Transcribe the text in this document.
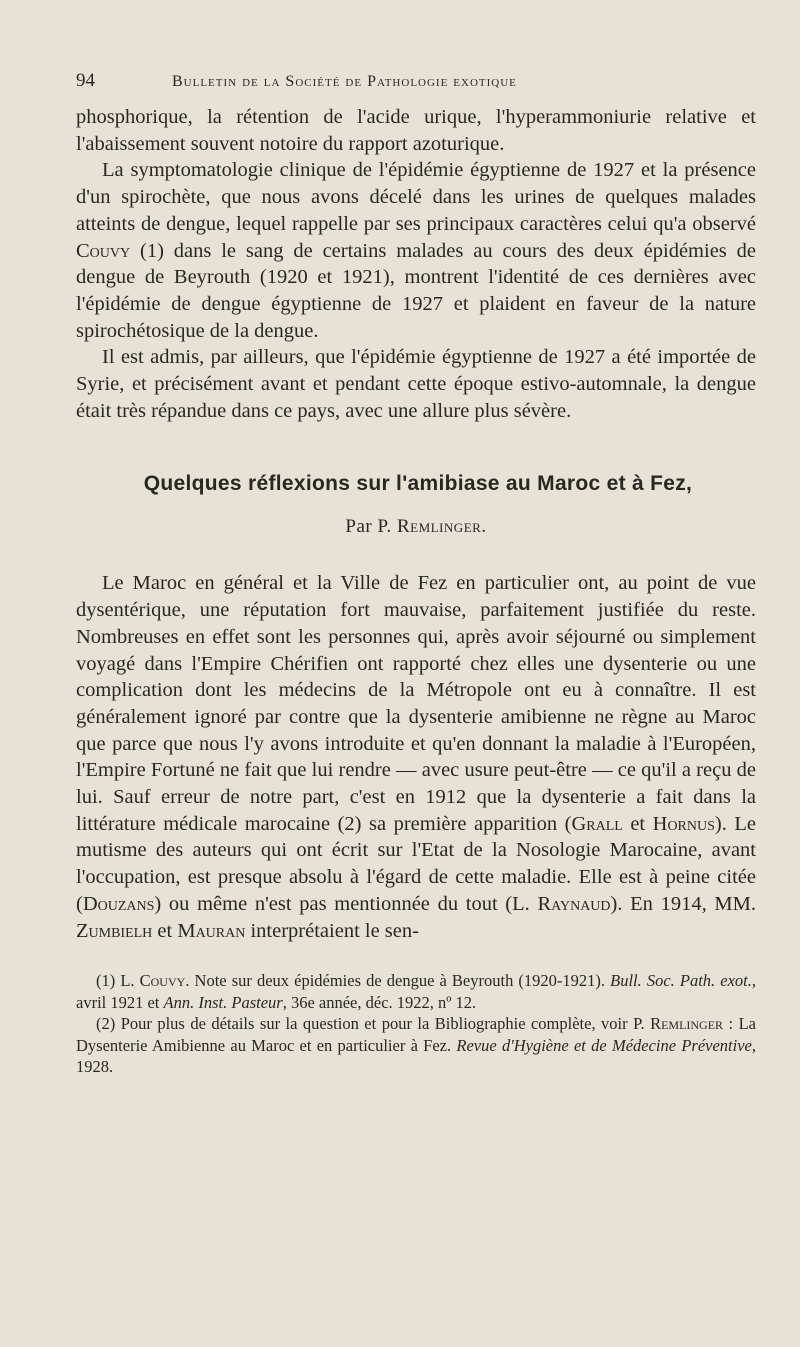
94	Bulletin de la Société de Pathologie exotique

phosphorique, la rétention de l'acide urique, l'hyperammoniurie relative et l'abaissement souvent notoire du rapport azoturique.

La symptomatologie clinique de l'épidémie égyptienne de 1927 et la présence d'un spirochète, que nous avons décelé dans les urines de quelques malades atteints de dengue, lequel rappelle par ses principaux caractères celui qu'a observé Couvy (1) dans le sang de certains malades au cours des deux épidémies de dengue de Beyrouth (1920 et 1921), montrent l'identité de ces dernières avec l'épidémie de dengue égyptienne de 1927 et plaident en faveur de la nature spirochétosique de la dengue.

Il est admis, par ailleurs, que l'épidémie égyptienne de 1927 a été importée de Syrie, et précisément avant et pendant cette époque estivo-automnale, la dengue était très répandue dans ce pays, avec une allure plus sévère.

Quelques réflexions sur l'amibiase au Maroc et à Fez,

Par P. Remlinger.

Le Maroc en général et la Ville de Fez en particulier ont, au point de vue dysentérique, une réputation fort mauvaise, parfaitement justifiée du reste. Nombreuses en effet sont les personnes qui, après avoir séjourné ou simplement voyagé dans l'Empire Chérifien ont rapporté chez elles une dysenterie ou une complication dont les médecins de la Métropole ont eu à connaître. Il est généralement ignoré par contre que la dysenterie amibienne ne règne au Maroc que parce que nous l'y avons introduite et qu'en donnant la maladie à l'Européen, l'Empire Fortuné ne fait que lui rendre — avec usure peut-être — ce qu'il a reçu de lui. Sauf erreur de notre part, c'est en 1912 que la dysenterie a fait dans la littérature médicale marocaine (2) sa première apparition (Grall et Hornus). Le mutisme des auteurs qui ont écrit sur l'Etat de la Nosologie Marocaine, avant l'occupation, est presque absolu à l'égard de cette maladie. Elle est à peine citée (Douzans) ou même n'est pas mentionnée du tout (L. Raynaud). En 1914, MM. Zumbielh et Mauran interprétaient le sen-

(1) L. Couvy. Note sur deux épidémies de dengue à Beyrouth (1920-1921). Bull. Soc. Path. exot., avril 1921 et Ann. Inst. Pasteur, 36e année, déc. 1922, nº 12.

(2) Pour plus de détails sur la question et pour la Bibliographie complète, voir P. Remlinger : La Dysenterie Amibienne au Maroc et en particulier à Fez. Revue d'Hygiène et de Médecine Préventive, 1928.
